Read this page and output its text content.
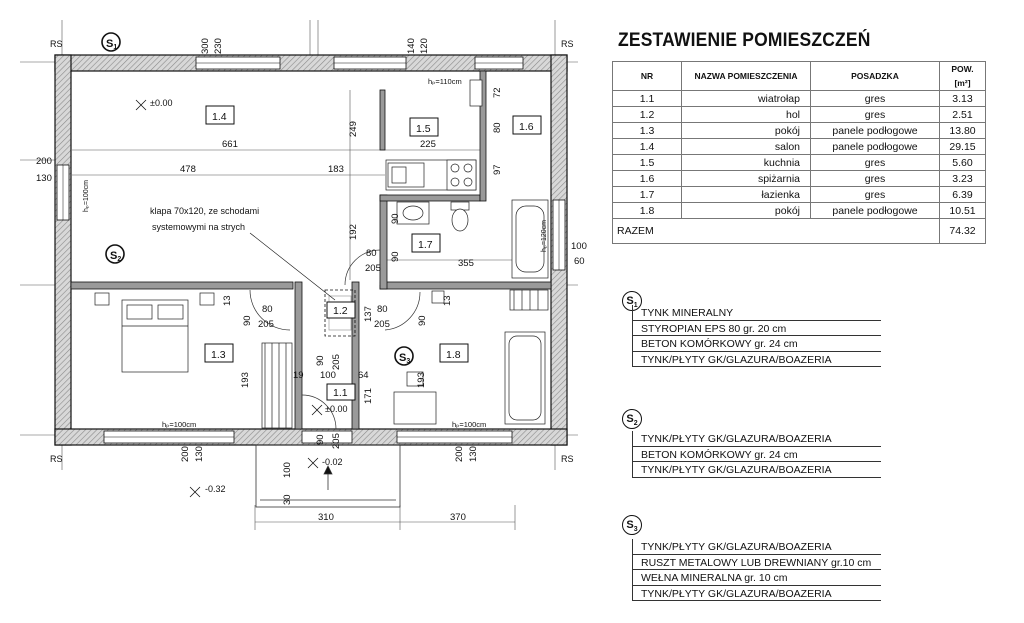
1.4
1.5	1.6
1.7
1.2
1.3	1.8
1.1
S1
S2
S3
RS	RS
RS	RS
±0.00
±0.00
-0.02
-0.32
klapa 70x120, ze schodami
systemowymi na strych
hₚ=110cm
hₚ=100cm	hₚ=100cm
hₚ=100cm
hₚ=120cm
661	225
478	183
200
130
100
60
80
205	355
80
205
80
205
100 64
19
310	370
300 230	140 120
249
72
80
97
192
90
90
13
90	137
13
90
90 205
193	193
171
90 205
200 130	200 130
100
30
ZESTAWIENIE POMIESZCZEŃ
NR	NAZWA POMIESZCZENIA	POSADZKA	POW.[m²]
1.1	wiatrołap	gres	3.13
1.2	hol	gres	2.51
1.3	pokój	panele podłogowe	13.80
1.4	salon	panele podłogowe	29.15
1.5	kuchnia	gres	5.60
1.6	spiżarnia	gres	3.23
1.7	łazienka	gres	6.39
1.8	pokój	panele podłogowe	10.51
RAZEM			74.32
$S_1$
TYNK MINERALNY
STYROPIAN EPS 80 gr. 20 cm
BETON KOMÓRKOWY gr. 24 cm
TYNK/PŁYTY GK/GLAZURA/BOAZERIA
$S_2$
TYNK/PŁYTY GK/GLAZURA/BOAZERIA
BETON KOMÓRKOWY gr. 24 cm
TYNK/PŁYTY GK/GLAZURA/BOAZERIA
$S_3$
TYNK/PŁYTY GK/GLAZURA/BOAZERIA
RUSZT METALOWY LUB DREWNIANY gr.10 cm
WEŁNA MINERALNA gr. 10 cm
TYNK/PŁYTY GK/GLAZURA/BOAZERIA
